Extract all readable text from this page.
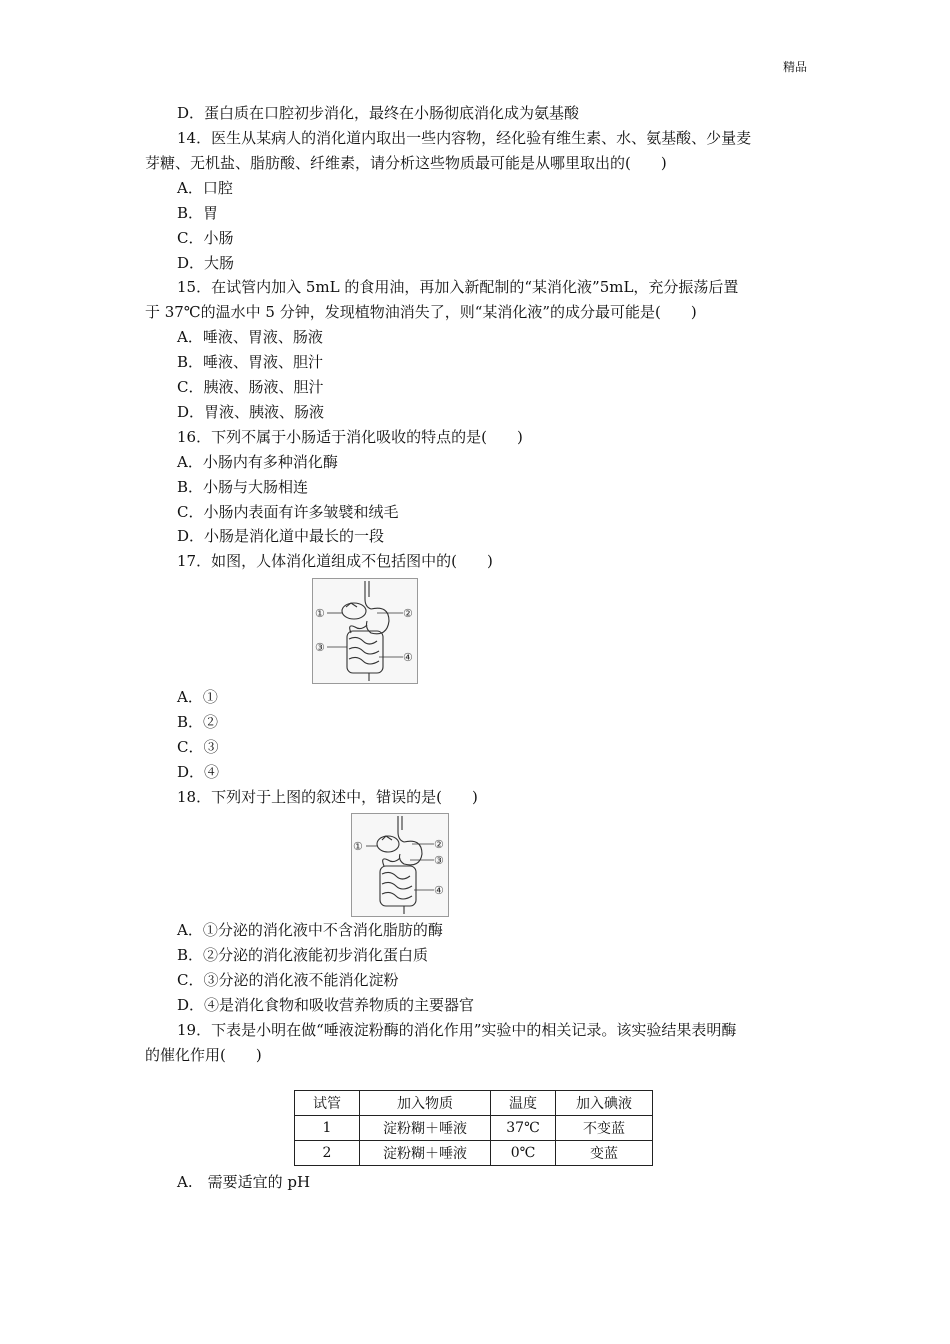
精品
D．蛋白质在口腔初步消化，最终在小肠彻底消化成为氨基酸
14．医生从某病人的消化道内取出一些内容物，经化验有维生素、水、氨基酸、少量麦
芽糖、无机盐、脂肪酸、纤维素，请分析这些物质最可能是从哪里取出的(　　)
A．口腔
B．胃
C．小肠
D．大肠
15．在试管内加入 5mL 的食用油，再加入新配制的“某消化液”5mL，充分振荡后置
于 37℃的温水中 5 分钟，发现植物油消失了，则“某消化液”的成分最可能是(　　)
A．唾液、胃液、肠液
B．唾液、胃液、胆汁
C．胰液、肠液、胆汁
D．胃液、胰液、肠液
16．下列不属于小肠适于消化吸收的特点的是(　　)
A．小肠内有多种消化酶
B．小肠与大肠相连
C．小肠内表面有许多皱襞和绒毛
D．小肠是消化道中最长的一段
17．如图，人体消化道组成不包括图中的(　　)
①	②
③
④
A．①
B．②
C．③
D．④
18．下列对于上图的叙述中，错误的是(　　)
①	②
③
④
A．①分泌的消化液中不含消化脂肪的酶
B．②分泌的消化液能初步消化蛋白质
C．③分泌的消化液不能消化淀粉
D．④是消化食物和吸收营养物质的主要器官
19．下表是小明在做“唾液淀粉酶的消化作用”实验中的相关记录。该实验结果表明酶
的催化作用(　　)
试管	加入物质	温度	加入碘液
1	淀粉糊＋唾液	37℃	不变蓝
2	淀粉糊＋唾液	0℃	变蓝
A.　需要适宜的 pH
